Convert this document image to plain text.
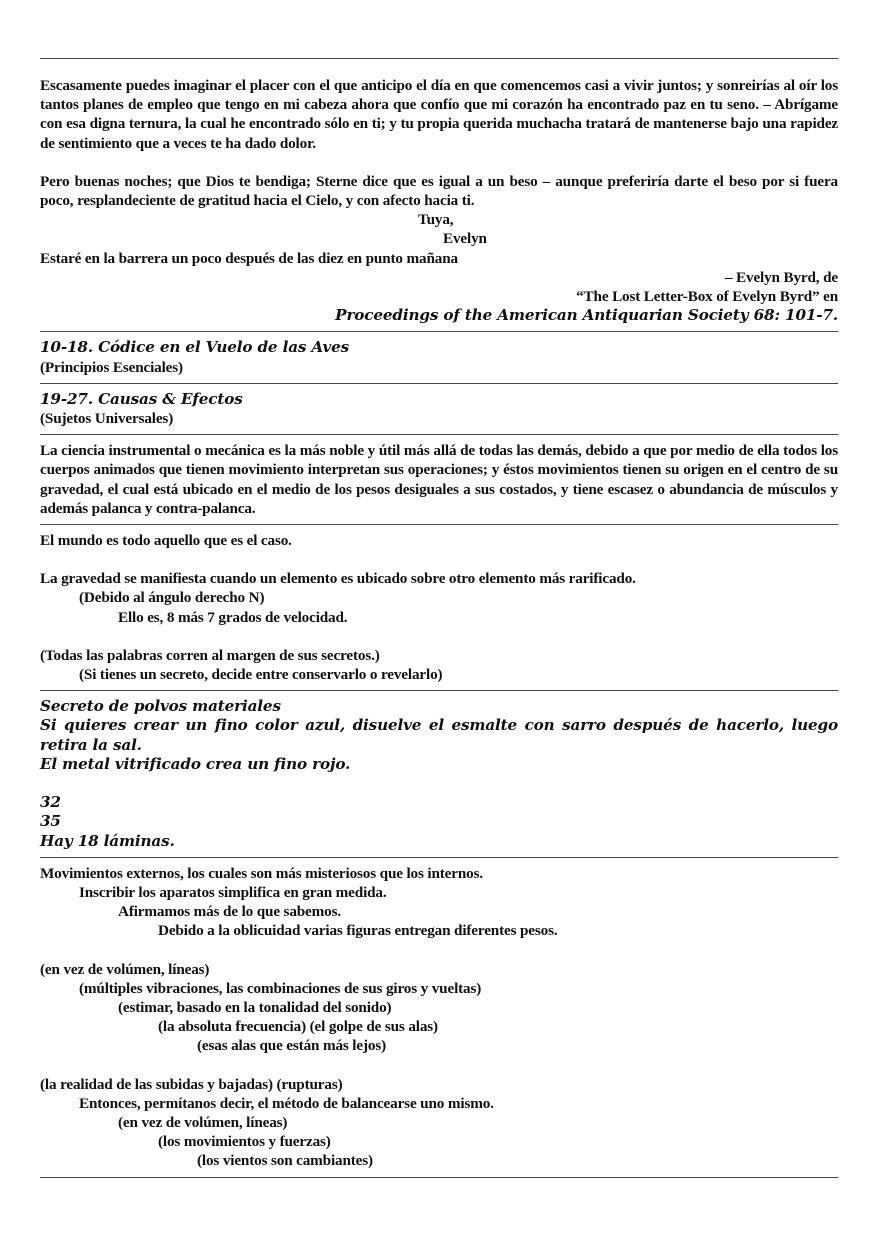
Escasamente puedes imaginar el placer con el que anticipo el día en que comencemos casi a vivir juntos; y sonreirías al oír los tantos planes de empleo que tengo en mi cabeza ahora que confío que mi corazón ha encontrado paz en tu seno. – Abrígame con esa digna ternura, la cual he encontrado sólo en ti; y tu propia querida muchacha tratará de mantenerse bajo una rapidez de sentimiento que a veces te ha dado dolor.

Pero buenas noches; que Dios te bendiga; Sterne dice que es igual a un beso – aunque preferiría darte el beso por si fuera poco, resplandeciente de gratitud hacia el Cielo, y con afecto hacia ti.

Tuya,
Evelyn
Estaré en la barrera un poco después de las diez en punto mañana
– Evelyn Byrd, de
“The Lost Letter-Box of Evelyn Byrd” en
Proceedings of the American Antiquarian Society 68: 101-7.
10-18. Códice en el Vuelo de las Aves
(Principios Esenciales)
19-27. Causas & Efectos
(Sujetos Universales)

La ciencia instrumental o mecánica es la más noble y útil más allá de todas las demás, debido a que por medio de ella todos los cuerpos animados que tienen movimiento interpretan sus operaciones; y éstos movimientos tienen su origen en el centro de su gravedad, el cual está ubicado en el medio de los pesos desiguales a sus costados, y tiene escasez o abundancia de músculos y además palanca y contra-palanca.

El mundo es todo aquello que es el caso.
La gravedad se manifiesta cuando un elemento es ubicado sobre otro elemento más rarificado.
(Debido al ángulo derecho N)
Ello es, 8 más 7 grados de velocidad.
(Todas las palabras corren al margen de sus secretos.)
(Si tienes un secreto, decide entre conservarlo o revelarlo)
Secreto de polvos materiales

Si quieres crear un fino color azul, disuelve el esmalte con sarro después de hacerlo, luego retira la sal.

El metal vitrificado crea un fino rojo.
32
35
Hay 18 láminas.
Movimientos externos, los cuales son más misteriosos que los internos.
Inscribir los aparatos simplifica en gran medida.
Afirmamos más de lo que sabemos.
Debido a la oblicuidad varias figuras entregan diferentes pesos.
(en vez de volúmen, líneas)
(múltiples vibraciones, las combinaciones de sus giros y vueltas)
(estimar, basado en la tonalidad del sonido)
(la absoluta frecuencia) (el golpe de sus alas)
(esas alas que están más lejos)
(la realidad de las subidas y bajadas) (rupturas)
Entonces, permítanos decir, el método de balancearse uno mismo.
(en vez de volúmen, líneas)
(los movimientos y fuerzas)
(los vientos son cambiantes)
